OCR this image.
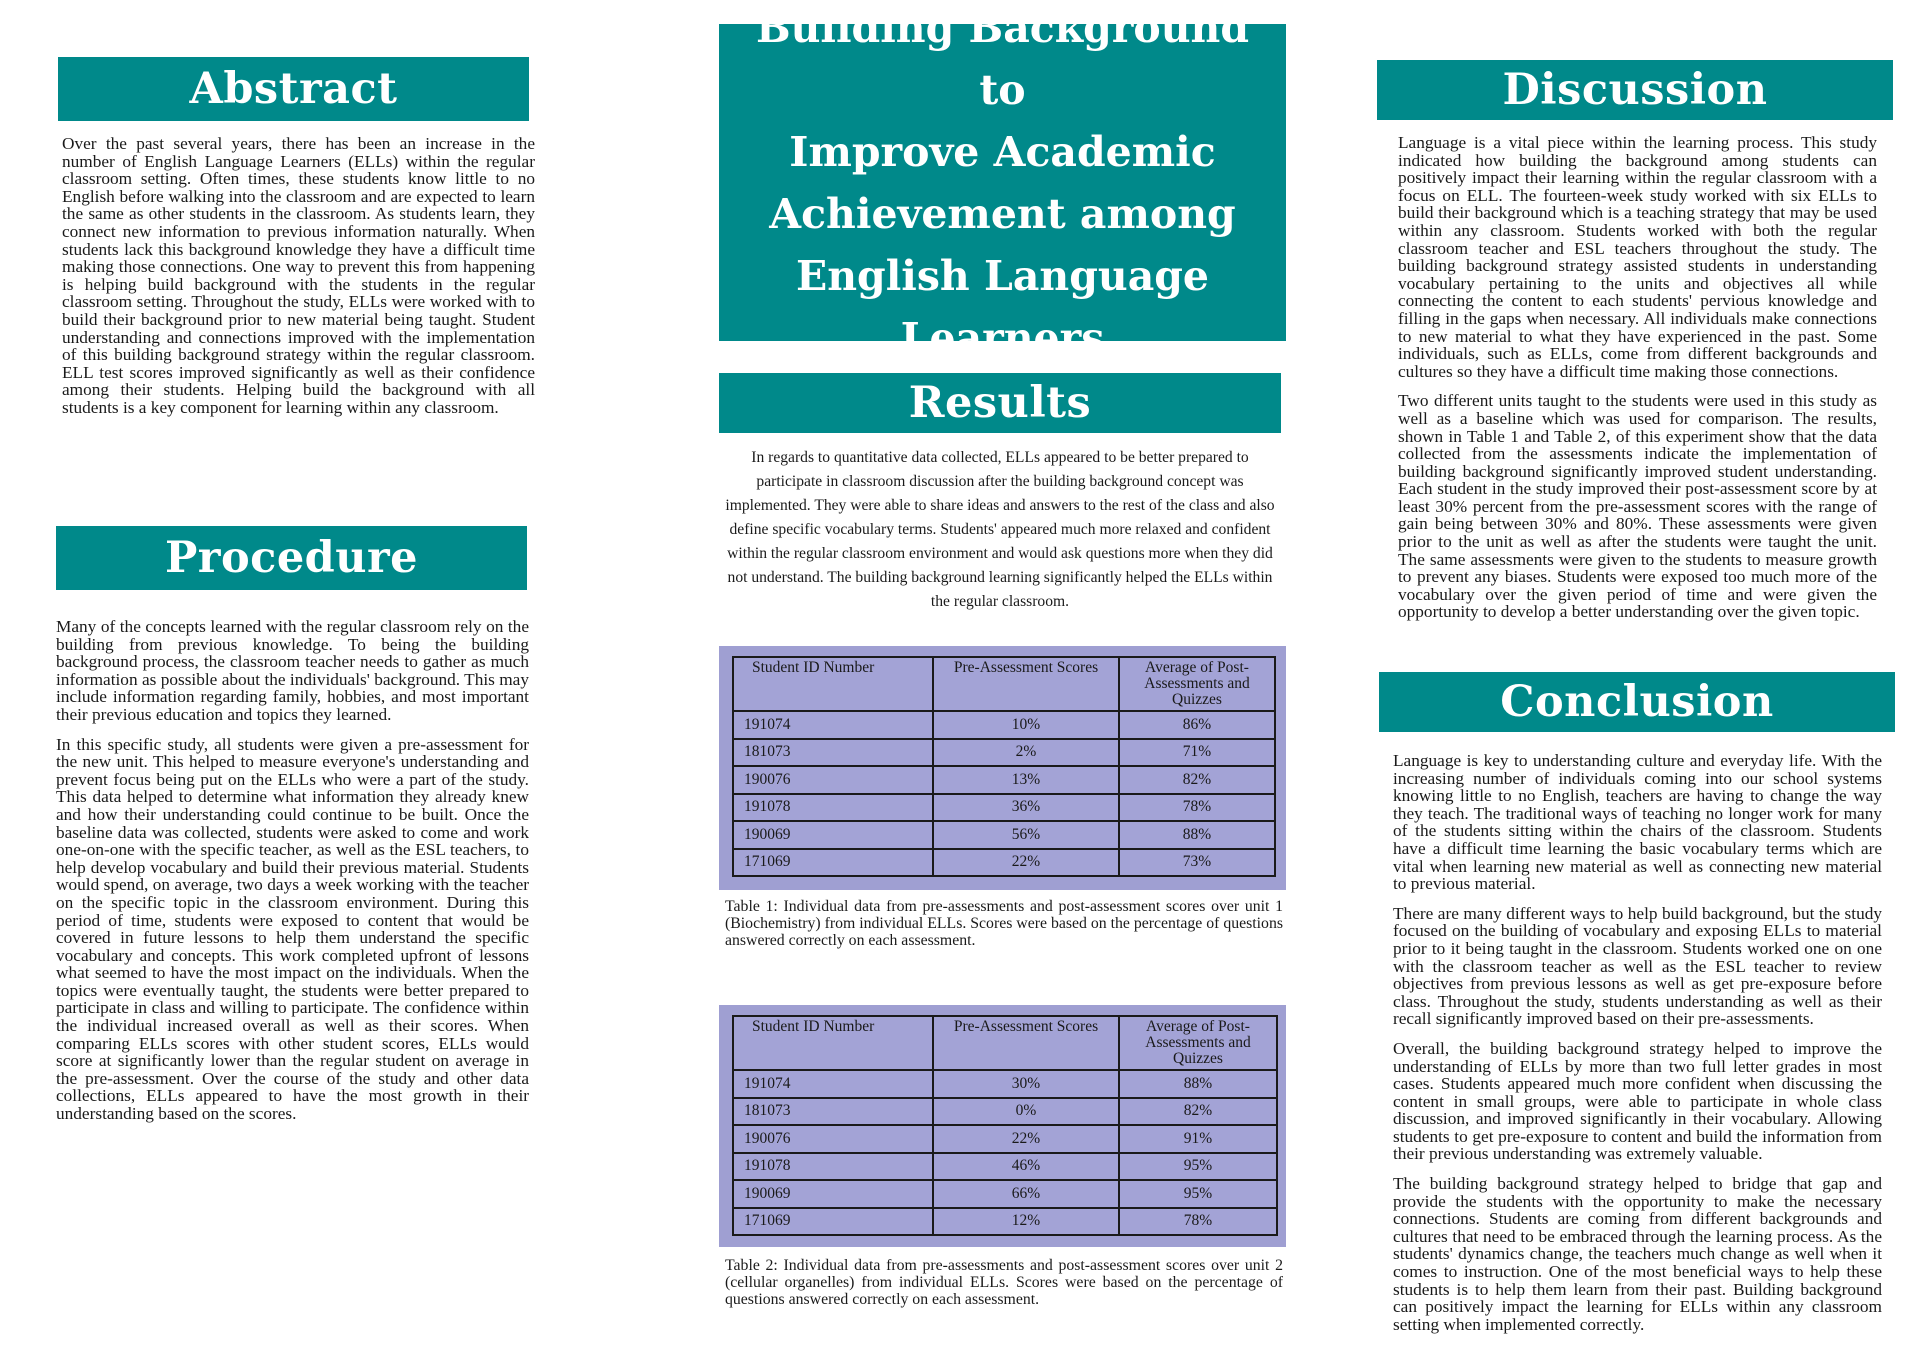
Abstract

Over the past several years, there has been an increase in the number of English Language Learners (ELLs) within the regular classroom setting. Often times, these students know little to no English before walking into the classroom and are expected to learn the same as other students in the classroom. As students learn, they connect new information to previous information naturally. When students lack this background knowledge they have a difficult time making those connections. One way to prevent this from happening is helping build background with the students in the regular classroom setting. Throughout the study, ELLs were worked with to build their background prior to new material being taught. Student understanding and connections improved with the implementation of this building background strategy within the regular classroom. ELL test scores improved significantly as well as their confidence among their students. Helping build the background with all students is a key component for learning within any classroom.

Procedure

Many of the concepts learned with the regular classroom rely on the building from previous knowledge. To being the building background process, the classroom teacher needs to gather as much information as possible about the individuals' background. This may include information regarding family, hobbies, and most important their previous education and topics they learned.

In this specific study, all students were given a pre-assessment for the new unit. This helped to measure everyone's understanding and prevent focus being put on the ELLs who were a part of the study. This data helped to determine what information they already knew and how their understanding could continue to be built. Once the baseline data was collected, students were asked to come and work one-on-one with the specific teacher, as well as the ESL teachers, to help develop vocabulary and build their previous material. Students would spend, on average, two days a week working with the teacher on the specific topic in the classroom environment. During this period of time, students were exposed to content that would be covered in future lessons to help them understand the specific vocabulary and concepts. This work completed upfront of lessons what seemed to have the most impact on the individuals. When the topics were eventually taught, the students were better prepared to participate in class and willing to participate. The confidence within the individual increased overall as well as their scores. When comparing ELLs scores with other student scores, ELLs would score at significantly lower than the regular student on average in the pre-assessment. Over the course of the study and other data collections, ELLs appeared to have the most growth in their understanding based on the scores.

Building Background to
Improve Academic
Achievement among
English Language Learners
Results
In regards to quantitative data collected, ELLs appeared to be better prepared to participate in classroom discussion after the building background concept was implemented. They were able to share ideas and answers to the rest of the class and also define specific vocabulary terms. Students' appeared much more relaxed and confident within the regular classroom environment and would ask questions more when they did not understand. The building background learning significantly helped the ELLs within the regular classroom.
Student ID Number	Pre-Assessment Scores	Average of Post-Assessments and Quizzes
191074	10%	86%
181073	2%	71%
190076	13%	82%
191078	36%	78%
190069	56%	88%
171069	22%	73%
Table 1: Individual data from pre-assessments and post-assessment scores over unit 1 (Biochemistry) from individual ELLs. Scores were based on the percentage of questions answered correctly on each assessment.
Student ID Number	Pre-Assessment Scores	Average of Post-Assessments and Quizzes
191074	30%	88%
181073	0%	82%
190076	22%	91%
191078	46%	95%
190069	66%	95%
171069	12%	78%
Table 2: Individual data from pre-assessments and post-assessment scores over unit 2 (cellular organelles) from individual ELLs. Scores were based on the percentage of questions answered correctly on each assessment.
Discussion

Language is a vital piece within the learning process. This study indicated how building the background among students can positively impact their learning within the regular classroom with a focus on ELL. The fourteen-week study worked with six ELLs to build their background which is a teaching strategy that may be used within any classroom. Students worked with both the regular classroom teacher and ESL teachers throughout the study. The building background strategy assisted students in understanding vocabulary pertaining to the units and objectives all while connecting the content to each students' pervious knowledge and filling in the gaps when necessary. All individuals make connections to new material to what they have experienced in the past. Some individuals, such as ELLs, come from different backgrounds and cultures so they have a difficult time making those connections.

Two different units taught to the students were used in this study as well as a baseline which was used for comparison. The results, shown in Table 1 and Table 2, of this experiment show that the data collected from the assessments indicate the implementation of building background significantly improved student understanding. Each student in the study improved their post-assessment score by at least 30% percent from the pre-assessment scores with the range of gain being between 30% and 80%. These assessments were given prior to the unit as well as after the students were taught the unit. The same assessments were given to the students to measure growth to prevent any biases. Students were exposed too much more of the vocabulary over the given period of time and were given the opportunity to develop a better understanding over the given topic.

Conclusion

Language is key to understanding culture and everyday life. With the increasing number of individuals coming into our school systems knowing little to no English, teachers are having to change the way they teach. The traditional ways of teaching no longer work for many of the students sitting within the chairs of the classroom. Students have a difficult time learning the basic vocabulary terms which are vital when learning new material as well as connecting new material to previous material.

There are many different ways to help build background, but the study focused on the building of vocabulary and exposing ELLs to material prior to it being taught in the classroom. Students worked one on one with the classroom teacher as well as the ESL teacher to review objectives from previous lessons as well as get pre-exposure before class. Throughout the study, students understanding as well as their recall significantly improved based on their pre-assessments.

Overall, the building background strategy helped to improve the understanding of ELLs by more than two full letter grades in most cases. Students appeared much more confident when discussing the content in small groups, were able to participate in whole class discussion, and improved significantly in their vocabulary. Allowing students to get pre-exposure to content and build the information from their previous understanding was extremely valuable.

The building background strategy helped to bridge that gap and provide the students with the opportunity to make the necessary connections. Students are coming from different backgrounds and cultures that need to be embraced through the learning process. As the students' dynamics change, the teachers much change as well when it comes to instruction. One of the most beneficial ways to help these students is to help them learn from their past. Building background can positively impact the learning for ELLs within any classroom setting when implemented correctly.
